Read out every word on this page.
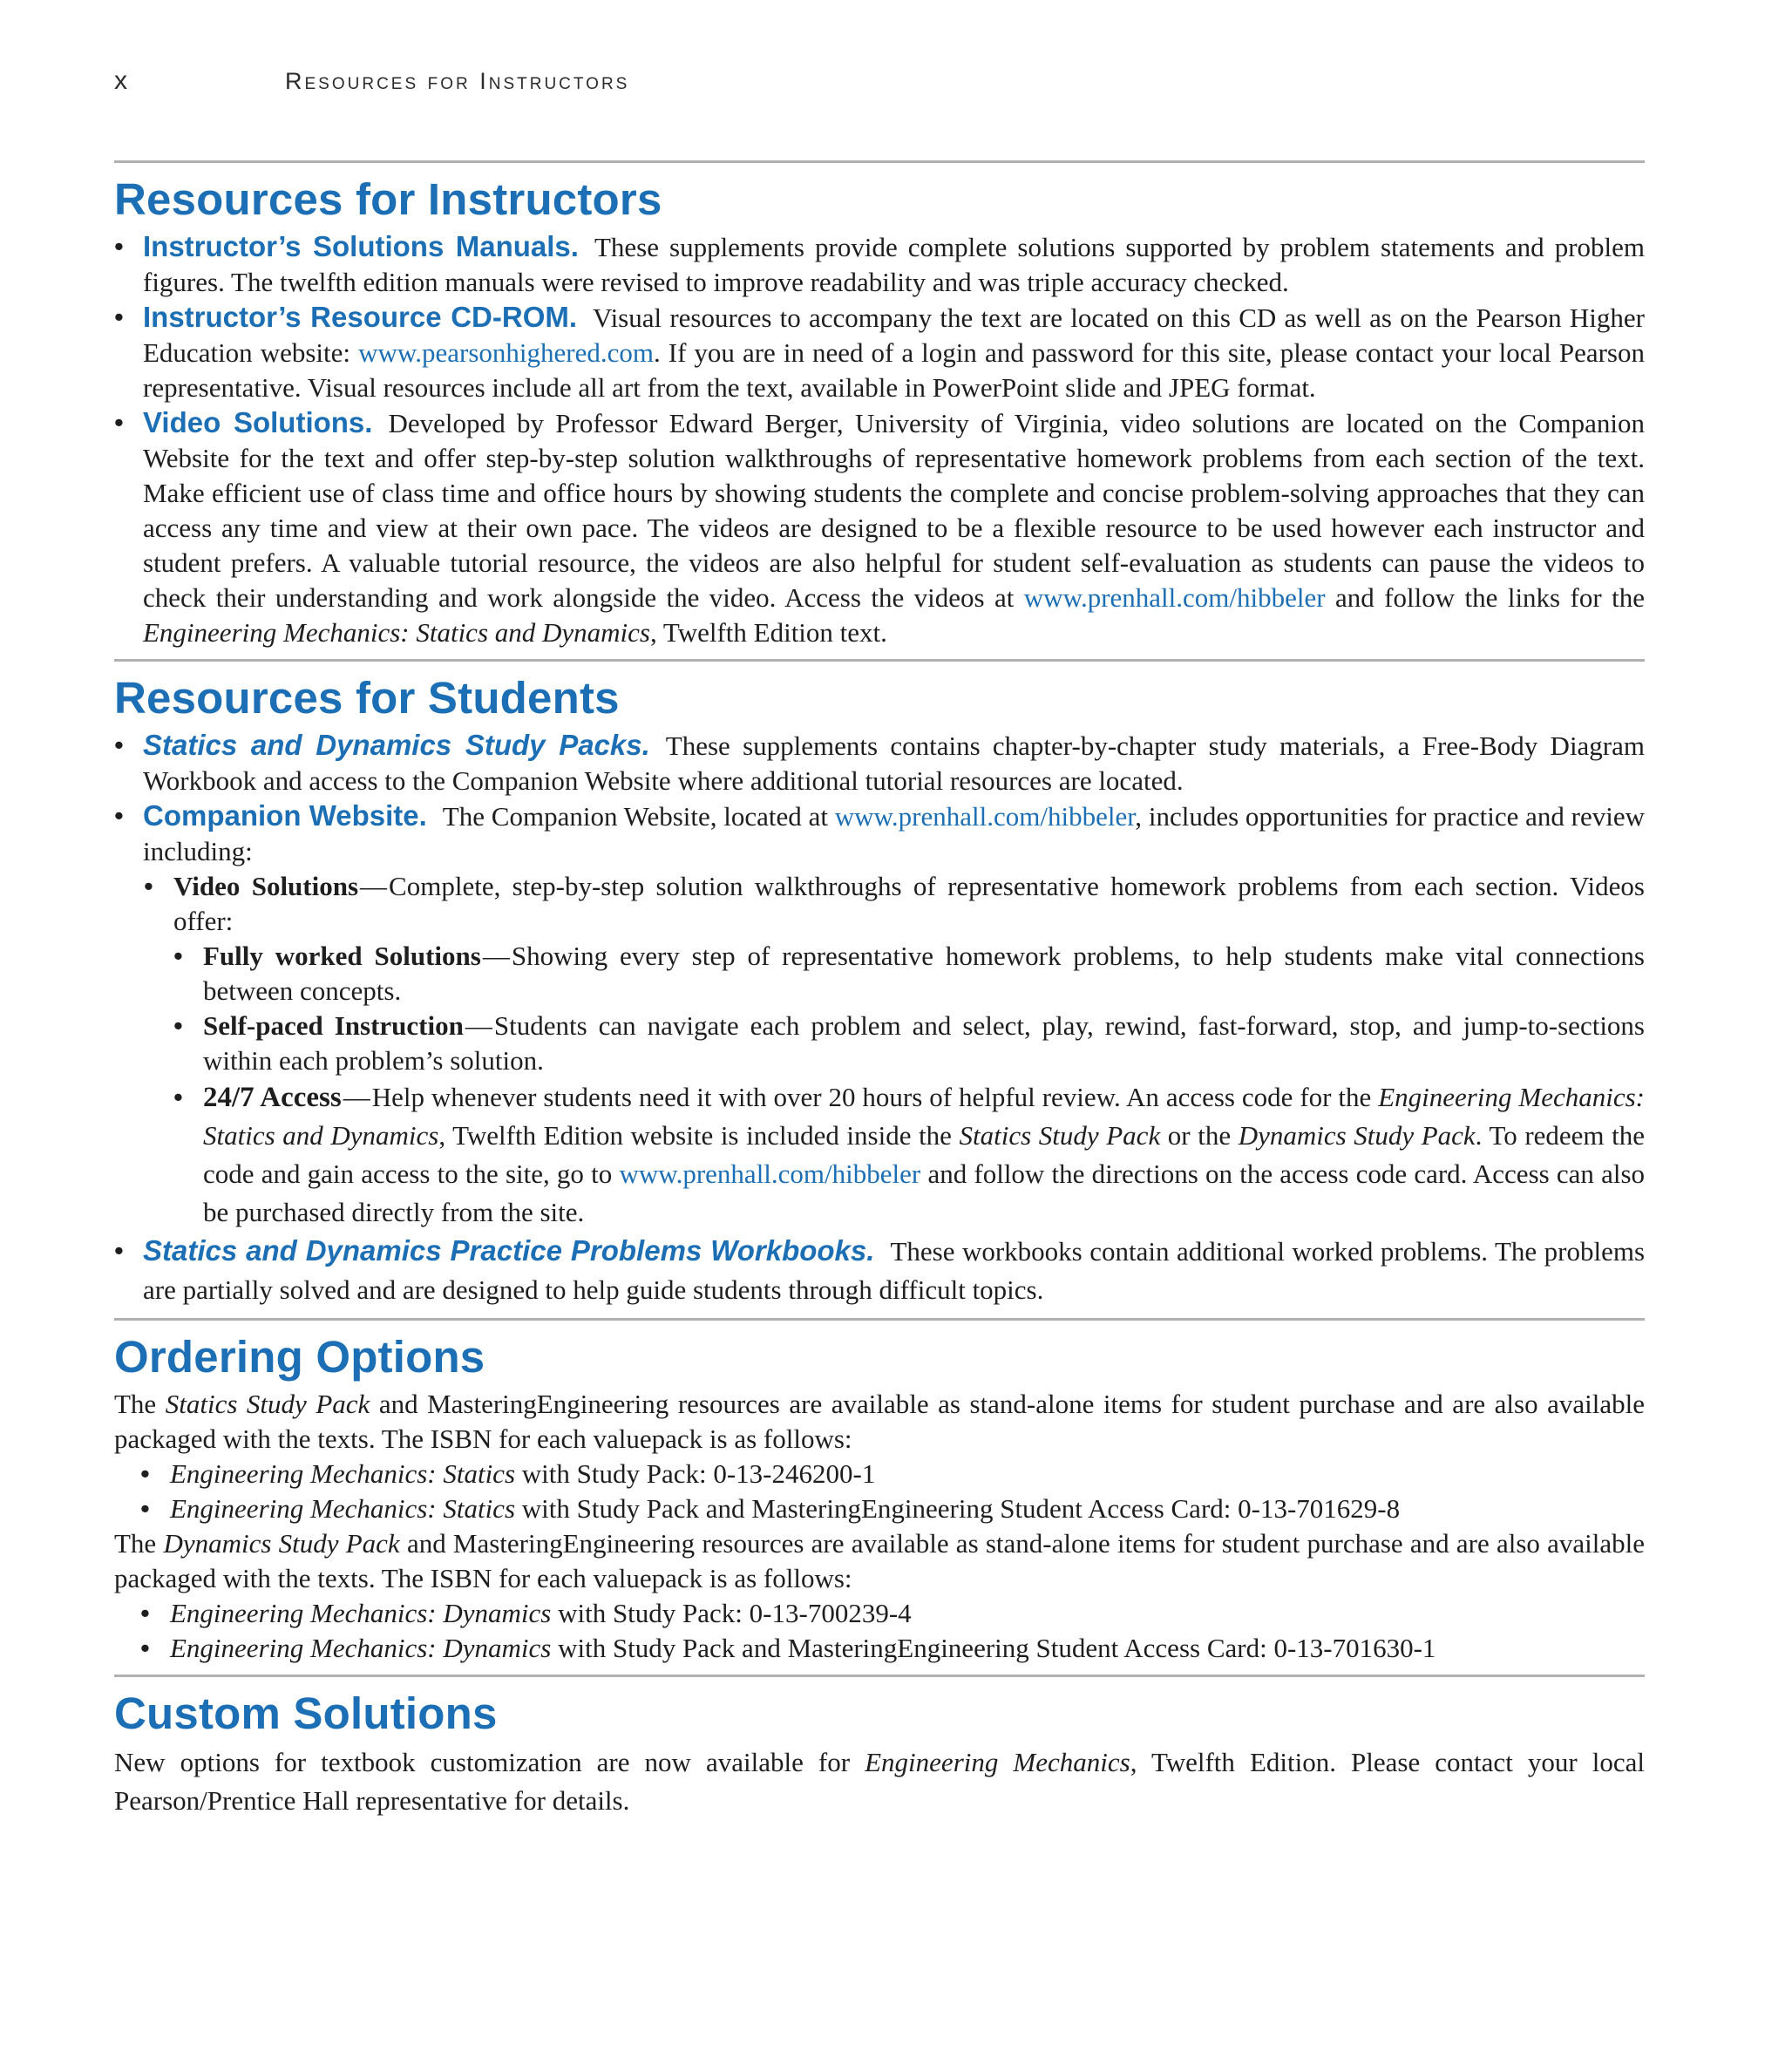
x	Resources for Instructors
Resources for Instructors
• Instructor’s Solutions Manuals. These supplements provide complete solutions supported by problem statements and problem figures. The twelfth edition manuals were revised to improve readability and was triple accuracy checked.
• Instructor’s Resource CD-ROM. Visual resources to accompany the text are located on this CD as well as on the Pearson Higher Education website: www.pearsonhighered.com. If you are in need of a login and password for this site, please contact your local Pearson representative. Visual resources include all art from the text, available in PowerPoint slide and JPEG format.
• Video Solutions. Developed by Professor Edward Berger, University of Virginia, video solutions are located on the Companion Website for the text and offer step-by-step solution walkthroughs of representative homework problems from each section of the text. Make efficient use of class time and office hours by showing students the complete and concise problem-solving approaches that they can access any time and view at their own pace. The videos are designed to be a flexible resource to be used however each instructor and student prefers. A valuable tutorial resource, the videos are also helpful for student self-evaluation as students can pause the videos to check their understanding and work alongside the video. Access the videos at www.prenhall.com/hibbeler and follow the links for the Engineering Mechanics: Statics and Dynamics, Twelfth Edition text.
Resources for Students
• Statics and Dynamics Study Packs. These supplements contains chapter-by-chapter study materials, a Free-Body Diagram Workbook and access to the Companion Website where additional tutorial resources are located.
• Companion Website. The Companion Website, located at www.prenhall.com/hibbeler, includes opportunities for practice and review including:
• Video Solutions—Complete, step-by-step solution walkthroughs of representative homework problems from each section. Videos offer:
• Fully worked Solutions—Showing every step of representative homework problems, to help students make vital connections between concepts.
• Self-paced Instruction—Students can navigate each problem and select, play, rewind, fast-forward, stop, and jump-to-sections within each problem’s solution.
• 24/7 Access—Help whenever students need it with over 20 hours of helpful review. An access code for the Engineering Mechanics: Statics and Dynamics, Twelfth Edition website is included inside the Statics Study Pack or the Dynamics Study Pack. To redeem the code and gain access to the site, go to www.prenhall.com/hibbeler and follow the directions on the access code card. Access can also be purchased directly from the site.
• Statics and Dynamics Practice Problems Workbooks. These workbooks contain additional worked problems. The problems are partially solved and are designed to help guide students through difficult topics.
Ordering Options

The Statics Study Pack and MasteringEngineering resources are available as stand-alone items for student purchase and are also available packaged with the texts. The ISBN for each valuepack is as follows:

• Engineering Mechanics: Statics with Study Pack: 0-13-246200-1
• Engineering Mechanics: Statics with Study Pack and MasteringEngineering Student Access Card: 0-13-701629-8

The Dynamics Study Pack and MasteringEngineering resources are available as stand-alone items for student purchase and are also available packaged with the texts. The ISBN for each valuepack is as follows:

• Engineering Mechanics: Dynamics with Study Pack: 0-13-700239-4
• Engineering Mechanics: Dynamics with Study Pack and MasteringEngineering Student Access Card: 0-13-701630-1
Custom Solutions

New options for textbook customization are now available for Engineering Mechanics, Twelfth Edition. Please contact your local Pearson/Prentice Hall representative for details.
